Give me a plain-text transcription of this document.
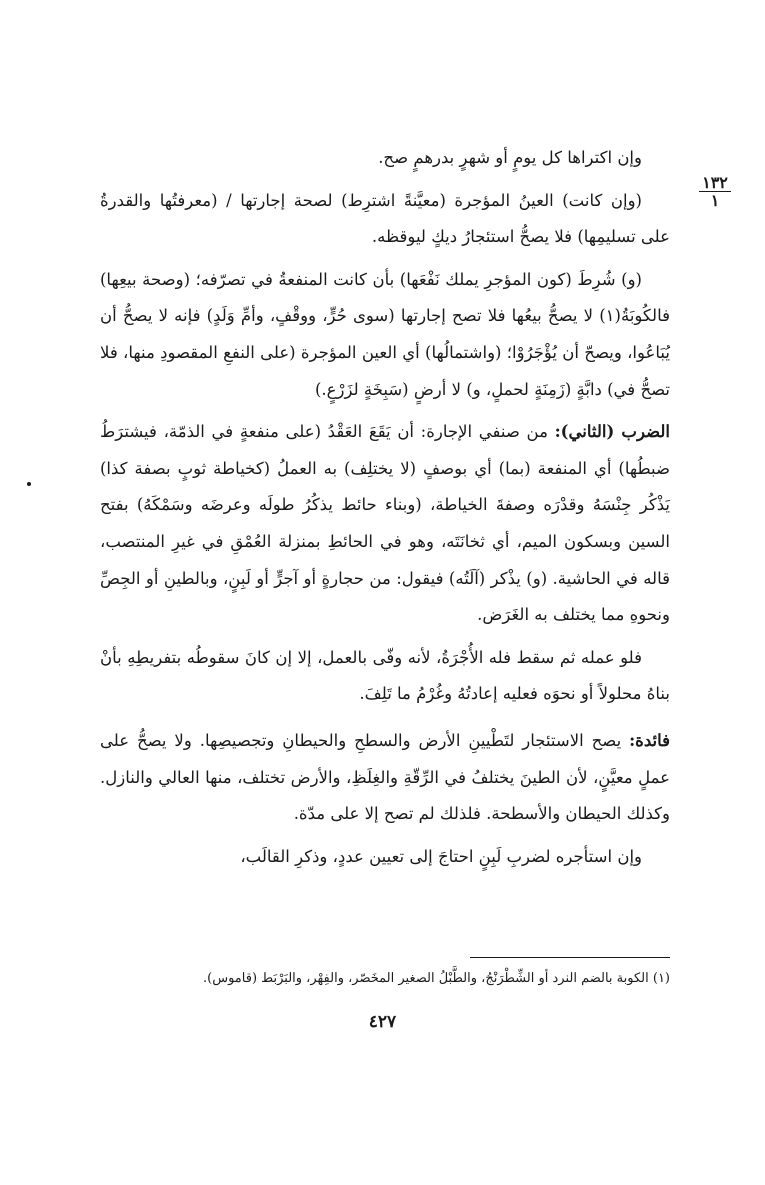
١٣٢
١

وإن اكتراها كل يومٍ أو شهرٍ بدرهمٍ صح.

(وإن كانت) العينُ المؤجرة (معيَّنةً اشترِط) لصحة إجارتها / (معرفتُها والقدرةُ على تسليمِها) فلا يصحُّ استئجارُ ديكٍ ليوقظه.

(و) شُرِطَ (كون المؤجرِ يملك نَفْعَها) بأن كانت المنفعةُ في تصرّفه؛ (وصحة بيعِها) فالكُوبَةُ(١) لا يصحُّ بيعُها فلا تصح إجارتها (سوى حُرٍّ، ووقْفٍ، وأمِّ وَلَدٍ) فإنه لا يصحُّ أن يُبَاعُوا، ويصحّ أن يُؤْجَرُوْا؛ (واشتمالُها) أي العين المؤجرة (على النفعِ المقصودِ منها، فلا تصحُّ في) دابَّةٍ (زَمِنَةٍ لحملٍ، و) لا أرضٍ (سَبِخَةٍ لزَرْعٍ.)

الضرب (الثاني): من صنفي الإجارة: أن يَقَعَ العَقْدُ (على منفعةٍ في الذمّة، فيشترَطُ ضبطُها) أي المنفعة (بما) أي بوصفٍ (لا يختلِف) به العملُ (كخياطة ثوبٍ بصفة كذا) يَذْكُر جِنْسَهُ وقدْرَه وصفةَ الخياطة، (وبناء حائط يذكُرُ طولَه وعرضَه وسَمْكَهُ) بفتح السين وبسكون الميم، أي ثخانَتَه، وهو في الحائطِ بمنزلة العُمْقِ في غيرِ المنتصب، قاله في الحاشية. (و) يذْكر (آلَتُه) فيقول: من حجارةٍ أو آجرٍّ أو لَبِنٍ، وبالطينِ أو الجِصِّ ونحوهِ مما يختلف به الغَرَض.

فلو عمله ثم سقط فله الأُجْرَةُ، لأنه وفّى بالعمل، إلا إن كانَ سقوطُه بتفريطِهِ بأنْ بناهُ محلولاً أو نحوَه فعليه إعادتُهُ وغُرْمُ ما تَلِفَ.

فائدة: يصح الاستئجار لتَطْيينِ الأرض والسطحِ والحيطانِ وتجصيصِها. ولا يصحُّ على عملٍ معيَّنٍ، لأن الطينَ يختلفُ في الرِّقّةِ والغِلَظِ، والأرض تختلف، منها العالي والنازل. وكذلك الحيطان والأسطحة. فلذلك لم تصح إلا على مدّة.

وإن استأجره لضربِ لَبِنٍ احتاجَ إلى تعيين عددٍ، وذكرِ القالَب،

(١) الكوبة بالضم النرد أو الشِّطْرَنْجُ، والطَّبْلُ الصغير المخَصّر، والفِهْر، والبَرْبَط (قاموس).
٤٢٧
